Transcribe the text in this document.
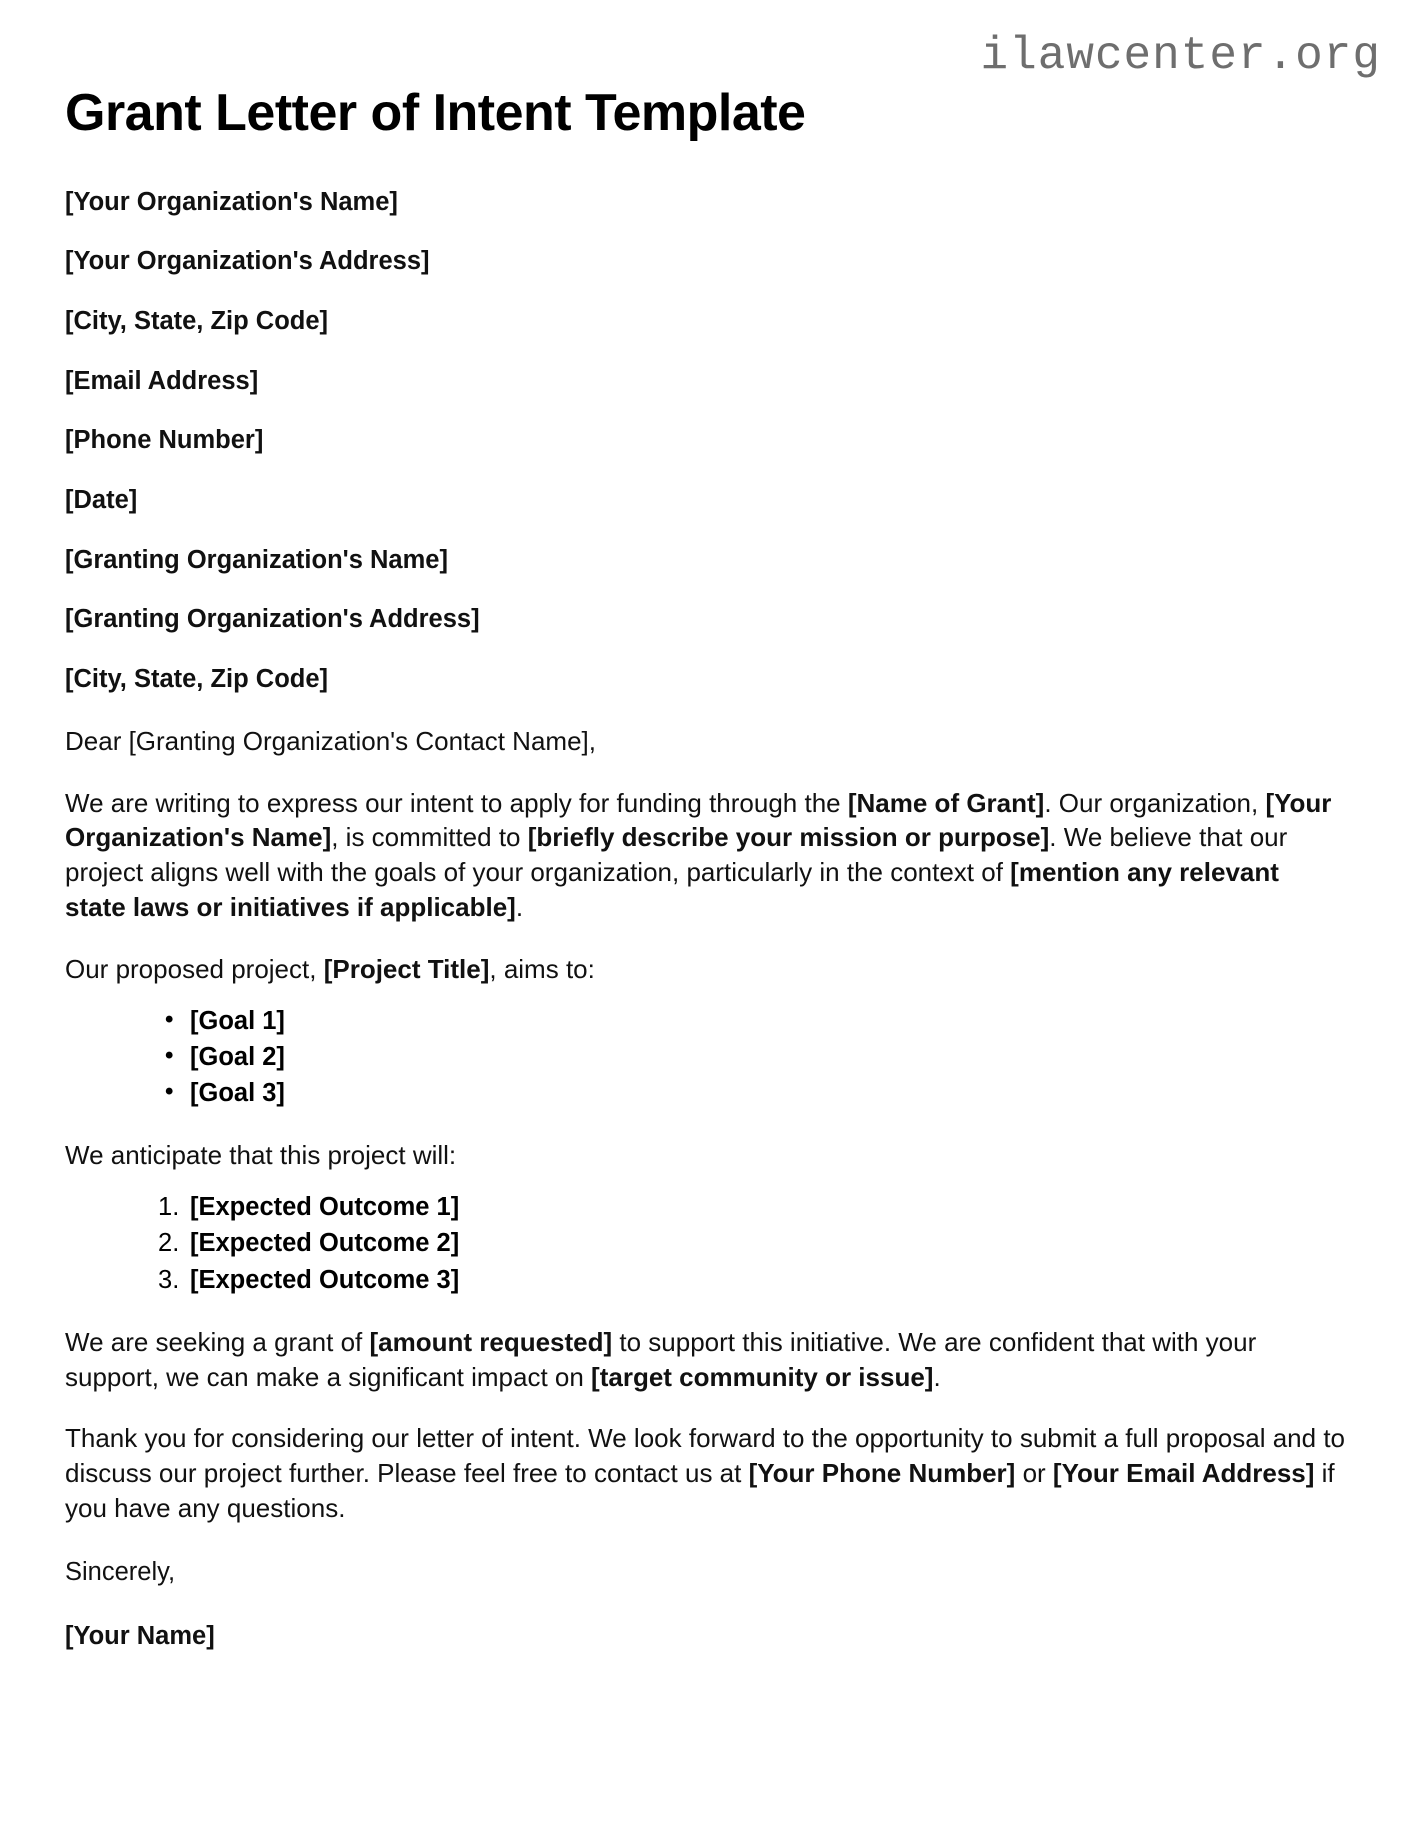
ilawcenter.org
Grant Letter of Intent Template

[Your Organization's Name]

[Your Organization's Address]

[City, State, Zip Code]

[Email Address]

[Phone Number]

[Date]

[Granting Organization's Name]

[Granting Organization's Address]

[City, State, Zip Code]

Dear [Granting Organization's Contact Name],

We are writing to express our intent to apply for funding through the [Name of Grant]. Our organization, [Your Organization's Name], is committed to [briefly describe your mission or purpose]. We believe that our project aligns well with the goals of your organization, particularly in the context of [mention any relevant state laws or initiatives if applicable].

Our proposed project, [Project Title], aims to:

• [Goal 1]
• [Goal 2]
• [Goal 3]

We anticipate that this project will:

[Expected Outcome 1]
[Expected Outcome 2]
[Expected Outcome 3]

We are seeking a grant of [amount requested] to support this initiative. We are confident that with your support, we can make a significant impact on [target community or issue].

Thank you for considering our letter of intent. We look forward to the opportunity to submit a full proposal and to discuss our project further. Please feel free to contact us at [Your Phone Number] or [Your Email Address] if you have any questions.

Sincerely,

[Your Name]
